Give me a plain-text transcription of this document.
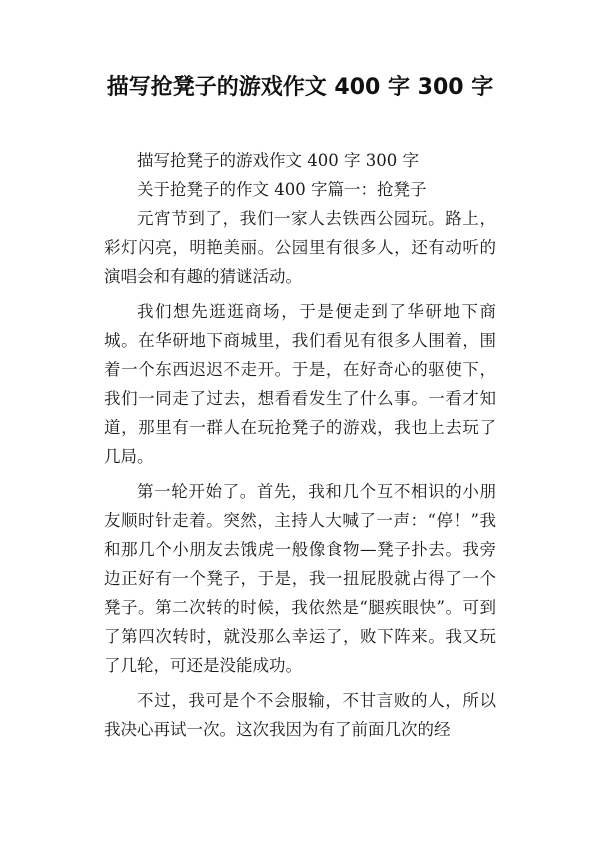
描写抢凳子的游戏作文 400 字 300 字
描写抢凳子的游戏作文 400 字 300 字
关于抢凳子的作文 400 字篇一：抢凳子

元宵节到了，我们一家人去铁西公园玩。路上，彩灯闪亮，明艳美丽。公园里有很多人，还有动听的演唱会和有趣的猜谜活动。

我们想先逛逛商场，于是便走到了华研地下商城。在华研地下商城里，我们看见有很多人围着，围着一个东西迟迟不走开。于是，在好奇心的驱使下，我们一同走了过去，想看看发生了什么事。一看才知道，那里有一群人在玩抢凳子的游戏，我也上去玩了几局。

第一轮开始了。首先，我和几个互不相识的小朋友顺时针走着。突然，主持人大喊了一声：“停！”我和那几个小朋友去饿虎一般像食物—凳子扑去。我旁边正好有一个凳子，于是，我一扭屁股就占得了一个凳子。第二次转的时候，我依然是“腿疾眼快”。可到了第四次转时，就没那么幸运了，败下阵来。我又玩了几轮，可还是没能成功。

不过，我可是个不会服输，不甘言败的人，所以我决心再试一次。这次我因为有了前面几次的经
